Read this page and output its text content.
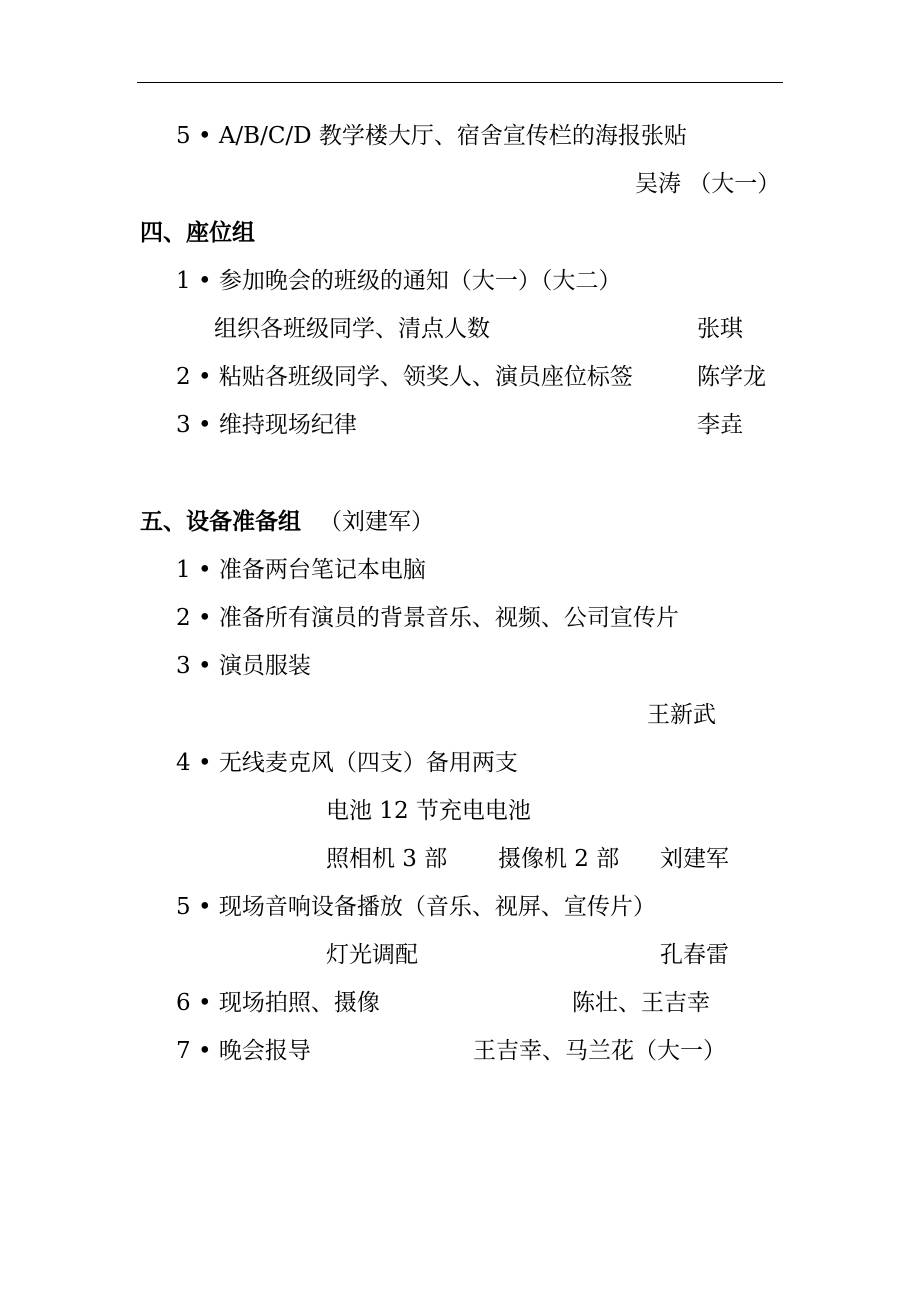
5 • A/B/C/D 教学楼大厅、宿舍宣传栏的海报张贴
吴涛 （大一）
四、座位组
1 • 参加晚会的班级的通知（大一）（大二）
组织各班级同学、清点人数	张琪
2 • 粘贴各班级同学、领奖人、演员座位标签	陈学龙
3 • 维持现场纪律	李垚
五、设备准备组 （刘建军）
1 • 准备两台笔记本电脑
2 • 准备所有演员的背景音乐、视频、公司宣传片
3 • 演员服装
王新武
4 • 无线麦克风（四支）备用两支
电池 12 节充电电池
照相机 3 部 摄像机 2 部 刘建军
5 • 现场音响设备播放（音乐、视屏、宣传片）
灯光调配	孔春雷
6 • 现场拍照、摄像	陈壮、王吉幸
7 • 晚会报导	王吉幸、马兰花（大一）
